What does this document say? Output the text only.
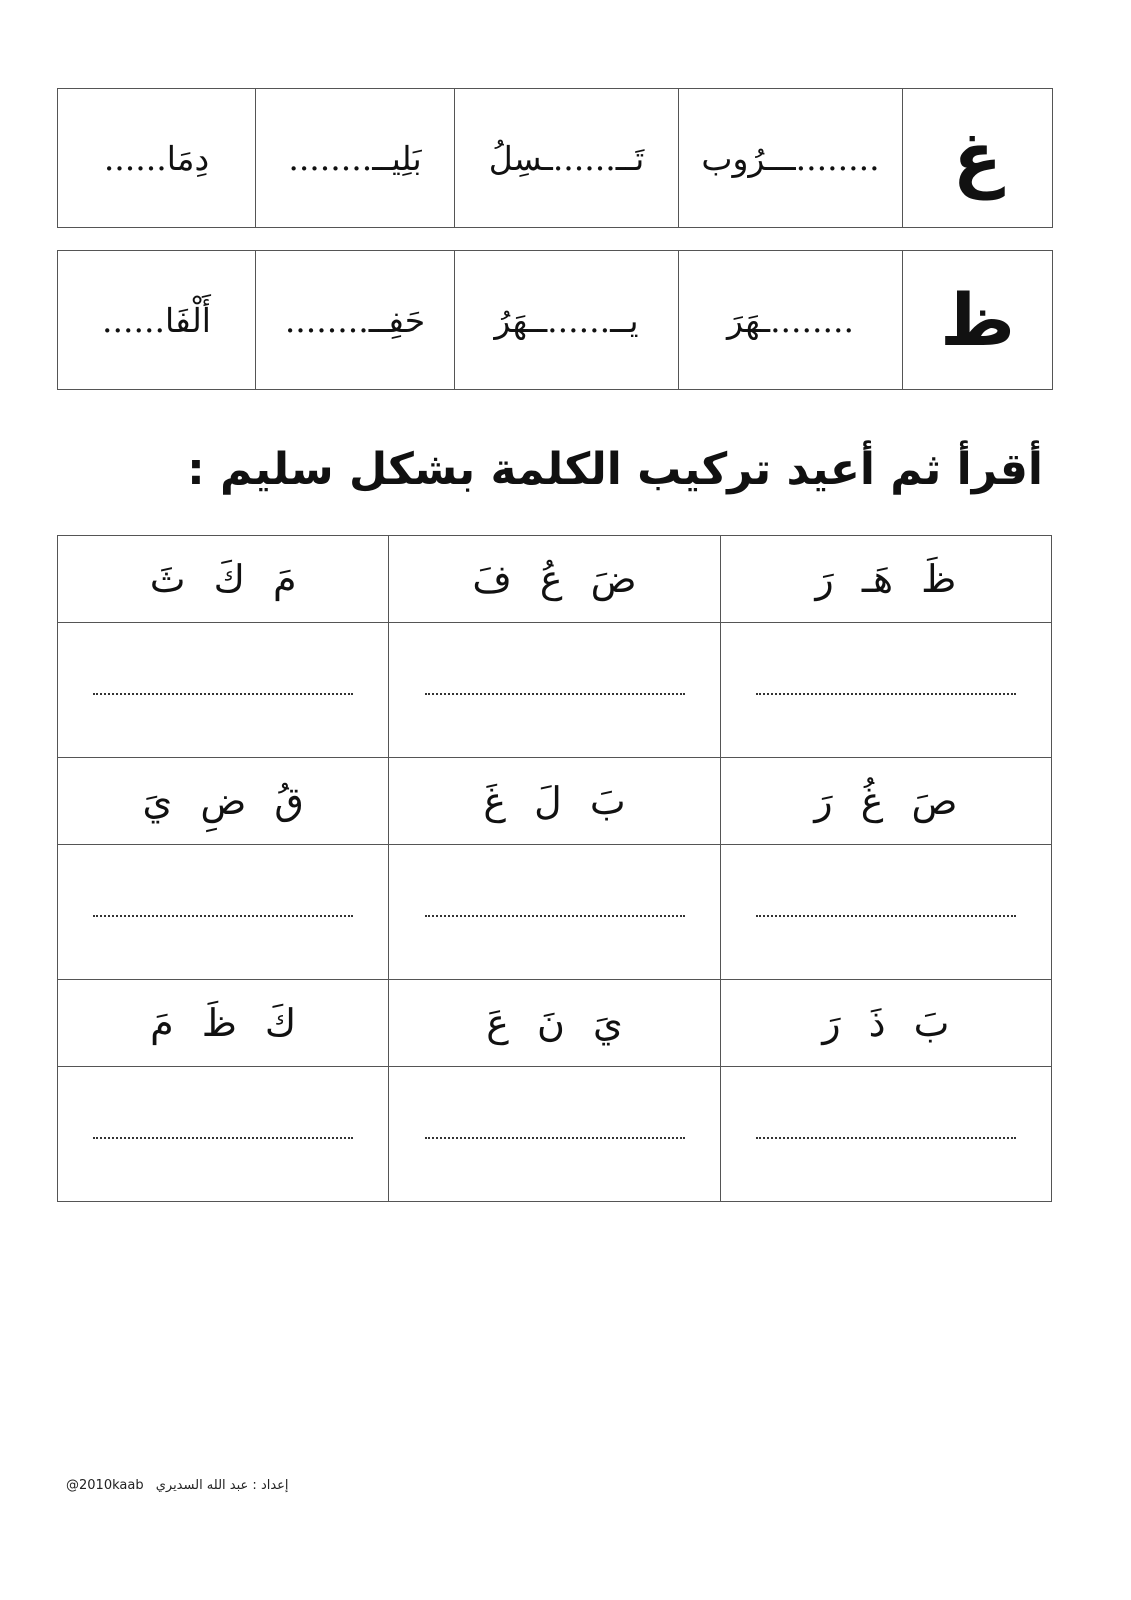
غ	........ـــرُوب	تَــ......ـسِلُ	بَلِيــ........	دِمَا......
ظ	........ـهَرَ	يــ......ــهَرُ	حَفِــ........	أَلْفَا......
أقرأ ثم أعيد تركيب الكلمة بشكل سليم :
ظَ هَـ رَ	ضَ عُ فَ	مَ كَ ثَ

صَ غُ رَ	بَ لَ غَ	قُ ضِ يَ

بَ ذَ رَ	يَ نَ عَ	كَ ظَ مَ

@2010kaab إعداد : عبد الله السديري
